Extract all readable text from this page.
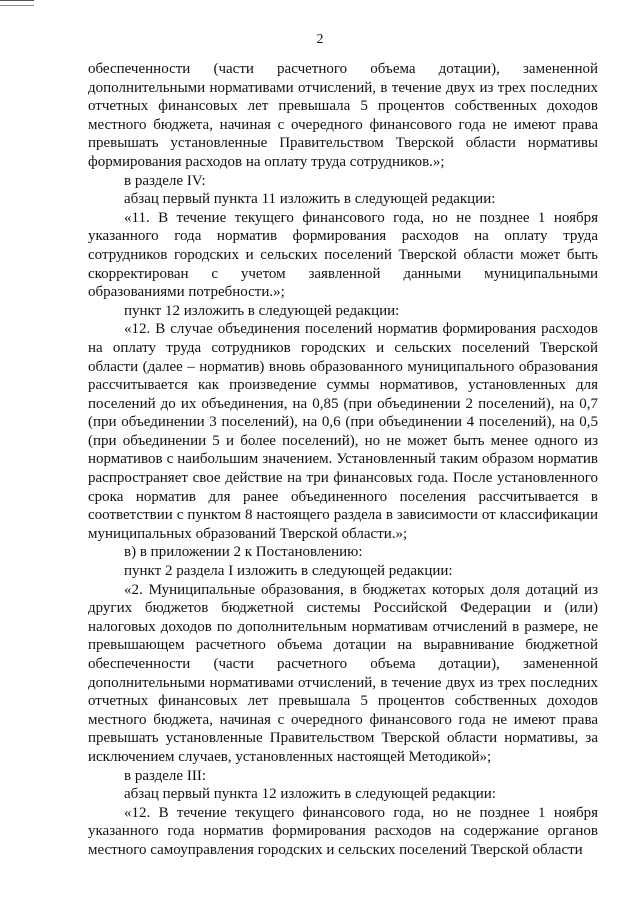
2

обеспеченности (части расчетного объема дотации), замененной дополнительными нормативами отчислений, в течение двух из трех последних отчетных финансовых лет превышала 5 процентов собственных доходов местного бюджета, начиная с очередного финансового года не имеют права превышать установленные Правительством Тверской области нормативы формирования расходов на оплату труда сотрудников.»;

в разделе IV:

абзац первый пункта 11 изложить в следующей редакции:

«11. В течение текущего финансового года, но не позднее 1 ноября указанного года норматив формирования расходов на оплату труда сотрудников городских и сельских поселений Тверской области может быть скорректирован с учетом заявленной данными муниципальными образованиями потребности.»;

пункт 12 изложить в следующей редакции:

«12. В случае объединения поселений норматив формирования расходов на оплату труда сотрудников городских и сельских поселений Тверской области (далее – норматив) вновь образованного муниципального образования рассчитывается как произведение суммы нормативов, установленных для поселений до их объединения, на 0,85 (при объединении 2 поселений), на 0,7 (при объединении 3 поселений), на 0,6 (при объединении 4 поселений), на 0,5 (при объединении 5 и более поселений), но не может быть менее одного из нормативов с наибольшим значением. Установленный таким образом норматив распространяет свое действие на три финансовых года. После установленного срока норматив для ранее объединенного поселения рассчитывается в соответствии с пунктом 8 настоящего раздела в зависимости от классификации муниципальных образований Тверской области.»;

в) в приложении 2 к Постановлению:

пункт 2 раздела I изложить в следующей редакции:

«2. Муниципальные образования, в бюджетах которых доля дотаций из других бюджетов бюджетной системы Российской Федерации и (или) налоговых доходов по дополнительным нормативам отчислений в размере, не превышающем расчетного объема дотации на выравнивание бюджетной обеспеченности (части расчетного объема дотации), замененной дополнительными нормативами отчислений, в течение двух из трех последних отчетных финансовых лет превышала 5 процентов собственных доходов местного бюджета, начиная с очередного финансового года не имеют права превышать установленные Правительством Тверской области нормативы, за исключением случаев, установленных настоящей Методикой»;

в разделе III:

абзац первый пункта 12 изложить в следующей редакции:

«12. В течение текущего финансового года, но не позднее 1 ноября указанного года норматив формирования расходов на содержание органов местного самоуправления городских и сельских поселений Тверской области
